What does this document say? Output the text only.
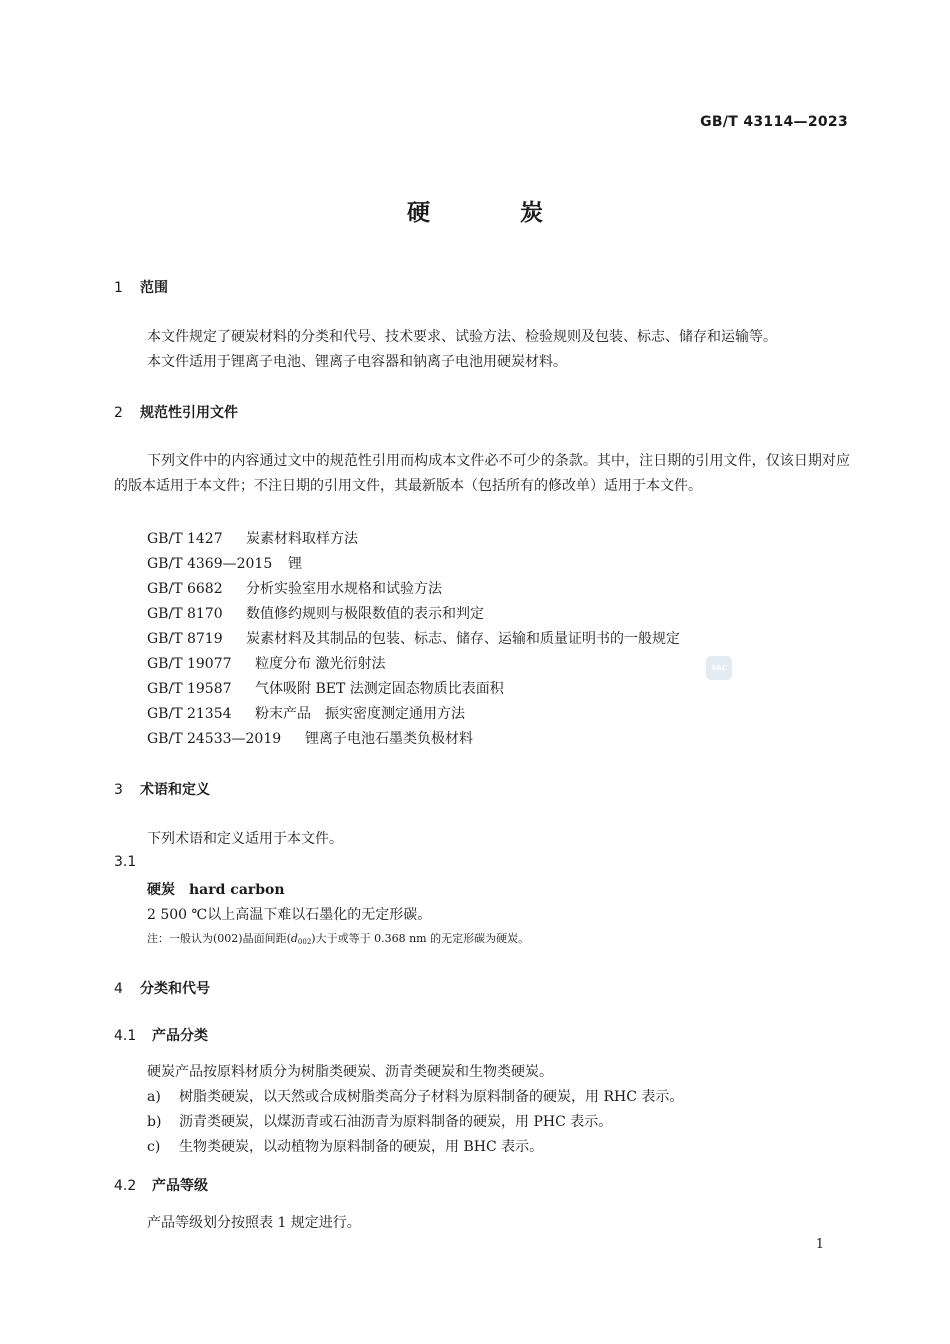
GB/T 43114—2023
硬	炭
1 范围
本文件规定了硬炭材料的分类和代号、技术要求、试验方法、检验规则及包装、标志、储存和运输等。
本文件适用于锂离子电池、锂离子电容器和钠离子电池用硬炭材料。
2 规范性引用文件
下列文件中的内容通过文中的规范性引用而构成本文件必不可少的条款。其中，注日期的引用文件，仅该日期对应的版本适用于本文件；不注日期的引用文件，其最新版本（包括所有的修改单）适用于本文件。
GB/T 1427 炭素材料取样方法
GB/T 4369—2015 锂
GB/T 6682 分析实验室用水规格和试验方法
GB/T 8170 数值修约规则与极限数值的表示和判定
GB/T 8719 炭素材料及其制品的包装、标志、储存、运输和质量证明书的一般规定
GB/T 19077 粒度分布 激光衍射法
GB/T 19587 气体吸附 BET 法测定固态物质比表面积
GB/T 21354 粉末产品　振实密度测定通用方法
GB/T 24533—2019 锂离子电池石墨类负极材料
3 术语和定义
下列术语和定义适用于本文件。
3.1
硬炭 hard carbon
2 500 ℃以上高温下难以石墨化的无定形碳。
注：一般认为(002)晶面间距$(d_{002})$大于或等于 0.368 nm 的无定形碳为硬炭。
4 分类和代号
4.1 产品分类
硬炭产品按原料材质分为树脂类硬炭、沥青类硬炭和生物类硬炭。
a) 树脂类硬炭，以天然或合成树脂类高分子材料为原料制备的硬炭，用 RHC 表示。
b) 沥青类硬炭，以煤沥青或石油沥青为原料制备的硬炭，用 PHC 表示。
c) 生物类硬炭，以动植物为原料制备的硬炭，用 BHC 表示。
4.2 产品等级
产品等级划分按照表 1 规定进行。
SAC
1
